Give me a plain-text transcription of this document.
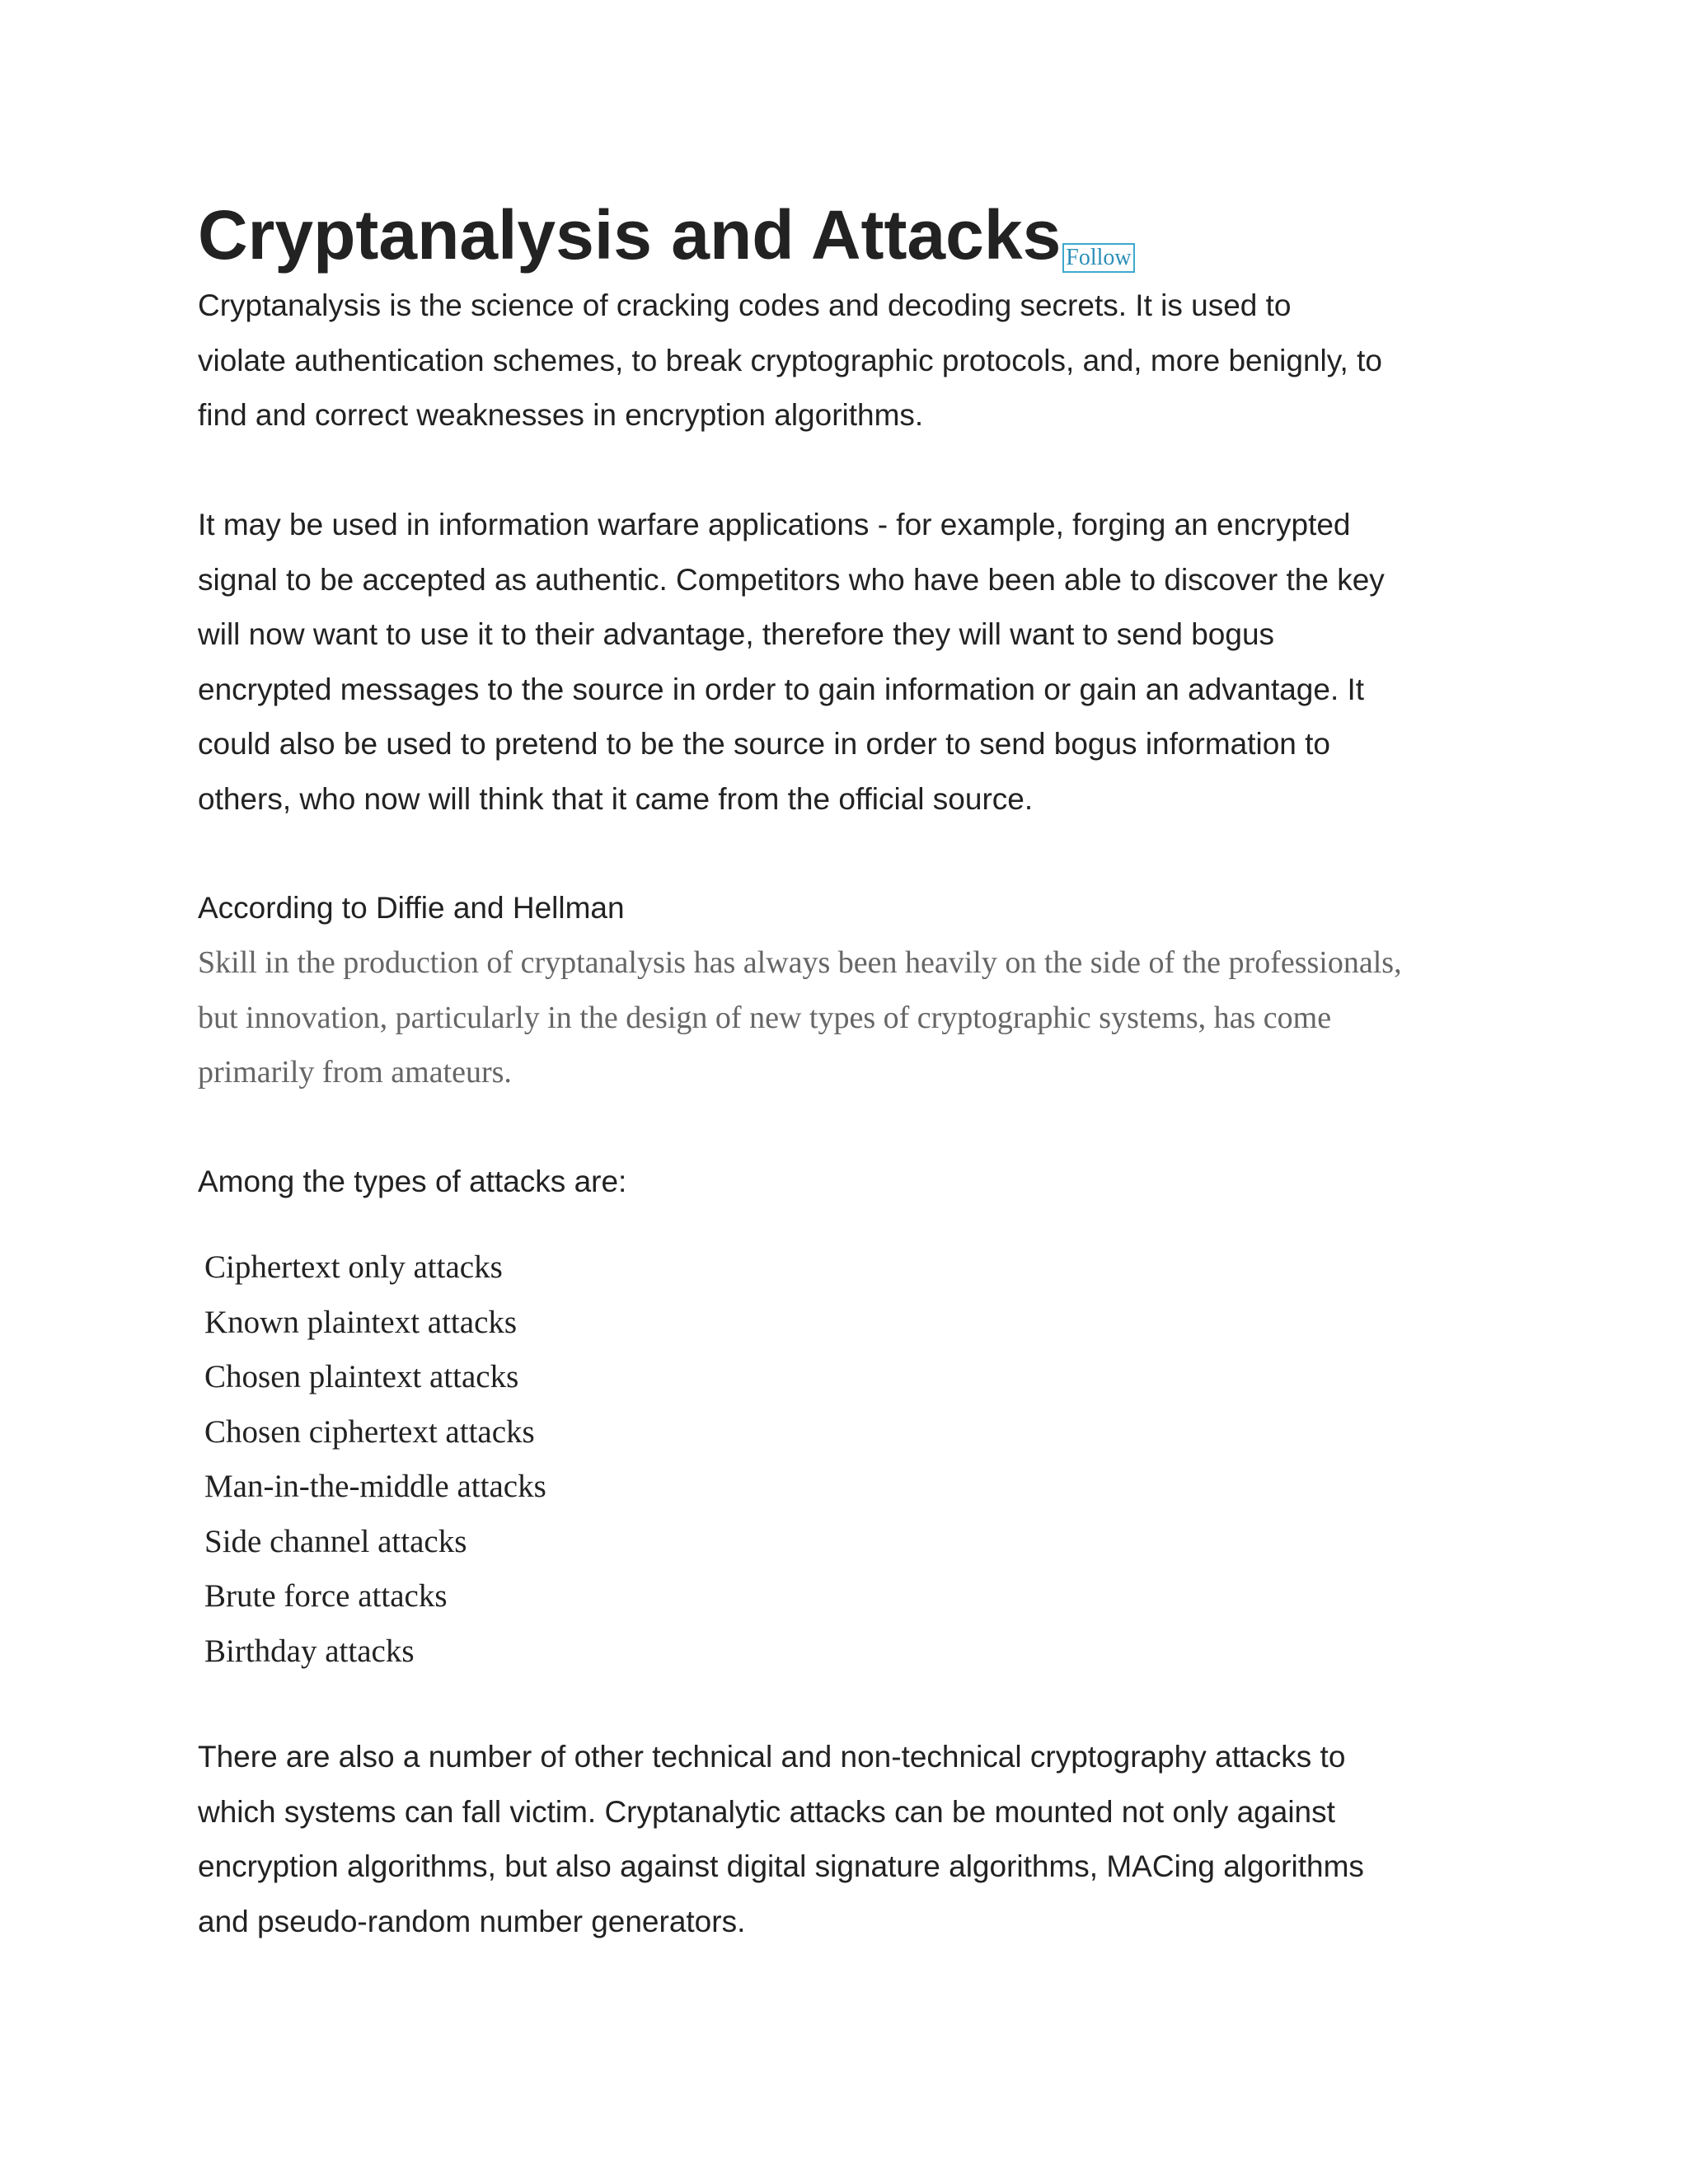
Cryptanalysis and Attacks Follow

Cryptanalysis is the science of cracking codes and decoding secrets. It is used to
violate authentication schemes, to break cryptographic protocols, and, more benignly, to
find and correct weaknesses in encryption algorithms.

It may be used in information warfare applications - for example, forging an encrypted
signal to be accepted as authentic. Competitors who have been able to discover the key
will now want to use it to their advantage, therefore they will want to send bogus
encrypted messages to the source in order to gain information or gain an advantage. It
could also be used to pretend to be the source in order to send bogus information to
others, who now will think that it came from the official source.

According to Diffie and Hellman

Skill in the production of cryptanalysis has always been heavily on the side of the professionals,
but innovation, particularly in the design of new types of cryptographic systems, has come
primarily from amateurs.

Among the types of attacks are:

Ciphertext only attacks
Known plaintext attacks
Chosen plaintext attacks
Chosen ciphertext attacks
Man-in-the-middle attacks
Side channel attacks
Brute force attacks
Birthday attacks

There are also a number of other technical and non-technical cryptography attacks to
which systems can fall victim. Cryptanalytic attacks can be mounted not only against
encryption algorithms, but also against digital signature algorithms, MACing algorithms
and pseudo-random number generators.
